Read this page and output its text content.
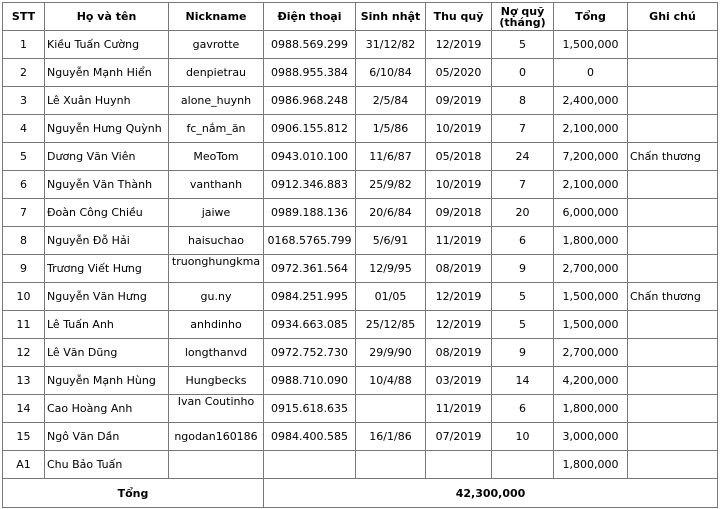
STT	Họ và tên	Nickname	Điện thoại	Sinh nhật	Thu quỹ	Nợ quỹ (tháng)	Tổng	Ghi chú
1	Kiều Tuấn Cường	gavrotte	0988.569.299	31/12/82	12/2019	5	1,500,000	
2	Nguyễn Mạnh Hiển	denpietrau	0988.955.384	6/10/84	05/2020	0	0	
3	Lê Xuân Huynh	alone_huynh	0986.968.248	2/5/84	09/2019	8	2,400,000	
4	Nguyễn Hưng Quỳnh	fc_nắm_ăn	0906.155.812	1/5/86	10/2019	7	2,100,000	
5	Dương Văn Viên	MeoTom	0943.010.100	11/6/87	05/2018	24	7,200,000	Chấn thương
6	Nguyễn Văn Thành	vanthanh	0912.346.883	25/9/82	10/2019	7	2,100,000	
7	Đoàn Công Chiều	jaiwe	0989.188.136	20/6/84	09/2018	20	6,000,000	
8	Nguyễn Đỗ Hải	haisuchao	0168.5765.799	5/6/91	11/2019	6	1,800,000	
9	Trương Viết Hưng	truonghungkma	0972.361.564	12/9/95	08/2019	9	2,700,000	
10	Nguyễn Văn Hưng	gu.ny	0984.251.995	01/05	12/2019	5	1,500,000	Chấn thương
11	Lê Tuấn Anh	anhdinho	0934.663.085	25/12/85	12/2019	5	1,500,000	
12	Lê Văn Dũng	longthanvd	0972.752.730	29/9/90	08/2019	9	2,700,000	
13	Nguyễn Mạnh Hùng	Hungbecks	0988.710.090	10/4/88	03/2019	14	4,200,000	
14	Cao Hoàng Anh	Ivan Coutinho	0915.618.635		11/2019	6	1,800,000	
15	Ngô Văn Dần	ngodan160186	0984.400.585	16/1/86	07/2019	10	3,000,000	
A1	Chu Bảo Tuấn						1,800,000	
Tổng			42,300,000					
